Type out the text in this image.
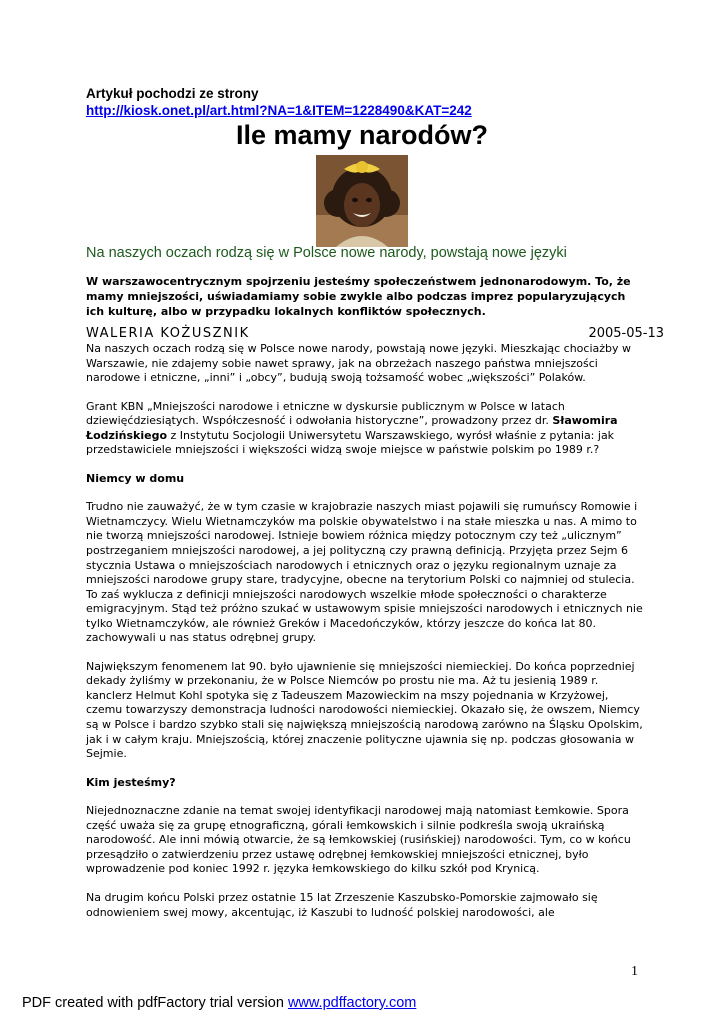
Artykuł pochodzi ze strony
http://kiosk.onet.pl/art.html?NA=1&ITEM=1228490&KAT=242
Ile mamy narodów?
Na naszych oczach rodzą się w Polsce nowe narody, powstają nowe języki
W warszawocentrycznym spojrzeniu jesteśmy społeczeństwem jednonarodowym. To, że mamy mniejszości, uświadamiamy sobie zwykle albo podczas imprez popularyzujących ich kulturę, albo w przypadku lokalnych konfliktów społecznych.
WALERIA KOŻUSZNIK	2005-05-13

Na naszych oczach rodzą się w Polsce nowe narody, powstają nowe języki. Mieszkając chociażby w Warszawie, nie zdajemy sobie nawet sprawy, jak na obrzeżach naszego państwa mniejszości narodowe i etniczne, „inni” i „obcy”, budują swoją tożsamość wobec „większości” Polaków.

Grant KBN „Mniejszości narodowe i etniczne w dyskursie publicznym w Polsce w latach dziewięćdziesiątych. Współczesność i odwołania historyczne”, prowadzony przez dr. Sławomira Łodzińskiego z Instytutu Socjologii Uniwersytetu Warszawskiego, wyrósł właśnie z pytania: jak przedstawiciele mniejszości i większości widzą swoje miejsce w państwie polskim po 1989 r.?

Niemcy w domu

Trudno nie zauważyć, że w tym czasie w krajobrazie naszych miast pojawili się rumuńscy Romowie i Wietnamczycy. Wielu Wietnamczyków ma polskie obywatelstwo i na stałe mieszka u nas. A mimo to nie tworzą mniejszości narodowej. Istnieje bowiem różnica między potocznym czy też „ulicznym” postrzeganiem mniejszości narodowej, a jej polityczną czy prawną definicją. Przyjęta przez Sejm 6 stycznia Ustawa o mniejszościach narodowych i etnicznych oraz o języku regionalnym uznaje za mniejszości narodowe grupy stare, tradycyjne, obecne na terytorium Polski co najmniej od stulecia. To zaś wyklucza z definicji mniejszości narodowych wszelkie młode społeczności o charakterze emigracyjnym. Stąd też próżno szukać w ustawowym spisie mniejszości narodowych i etnicznych nie tylko Wietnamczyków, ale również Greków i Macedończyków, którzy jeszcze do końca lat 80. zachowywali u nas status odrębnej grupy.

Największym fenomenem lat 90. było ujawnienie się mniejszości niemieckiej. Do końca poprzedniej dekady żyliśmy w przekonaniu, że w Polsce Niemców po prostu nie ma. Aż tu jesienią 1989 r. kanclerz Helmut Kohl spotyka się z Tadeuszem Mazowieckim na mszy pojednania w Krzyżowej, czemu towarzyszy demonstracja ludności narodowości niemieckiej. Okazało się, że owszem, Niemcy są w Polsce i bardzo szybko stali się największą mniejszością narodową zarówno na Śląsku Opolskim, jak i w całym kraju. Mniejszością, której znaczenie polityczne ujawnia się np. podczas głosowania w Sejmie.

Kim jesteśmy?

Niejednoznaczne zdanie na temat swojej identyfikacji narodowej mają natomiast Łemkowie. Spora część uważa się za grupę etnograficzną, górali łemkowskich i silnie podkreśla swoją ukraińską narodowość. Ale inni mówią otwarcie, że są łemkowskiej (rusińskiej) narodowości. Tym, co w końcu przesądziło o zatwierdzeniu przez ustawę odrębnej łemkowskiej mniejszości etnicznej, było wprowadzenie pod koniec 1992 r. języka łemkowskiego do kilku szkół pod Krynicą.

Na drugim końcu Polski przez ostatnie 15 lat Zrzeszenie Kaszubsko-Pomorskie zajmowało się odnowieniem swej mowy, akcentując, iż Kaszubi to ludność polskiej narodowości, ale

1
PDF created with pdfFactory trial version www.pdffactory.com
